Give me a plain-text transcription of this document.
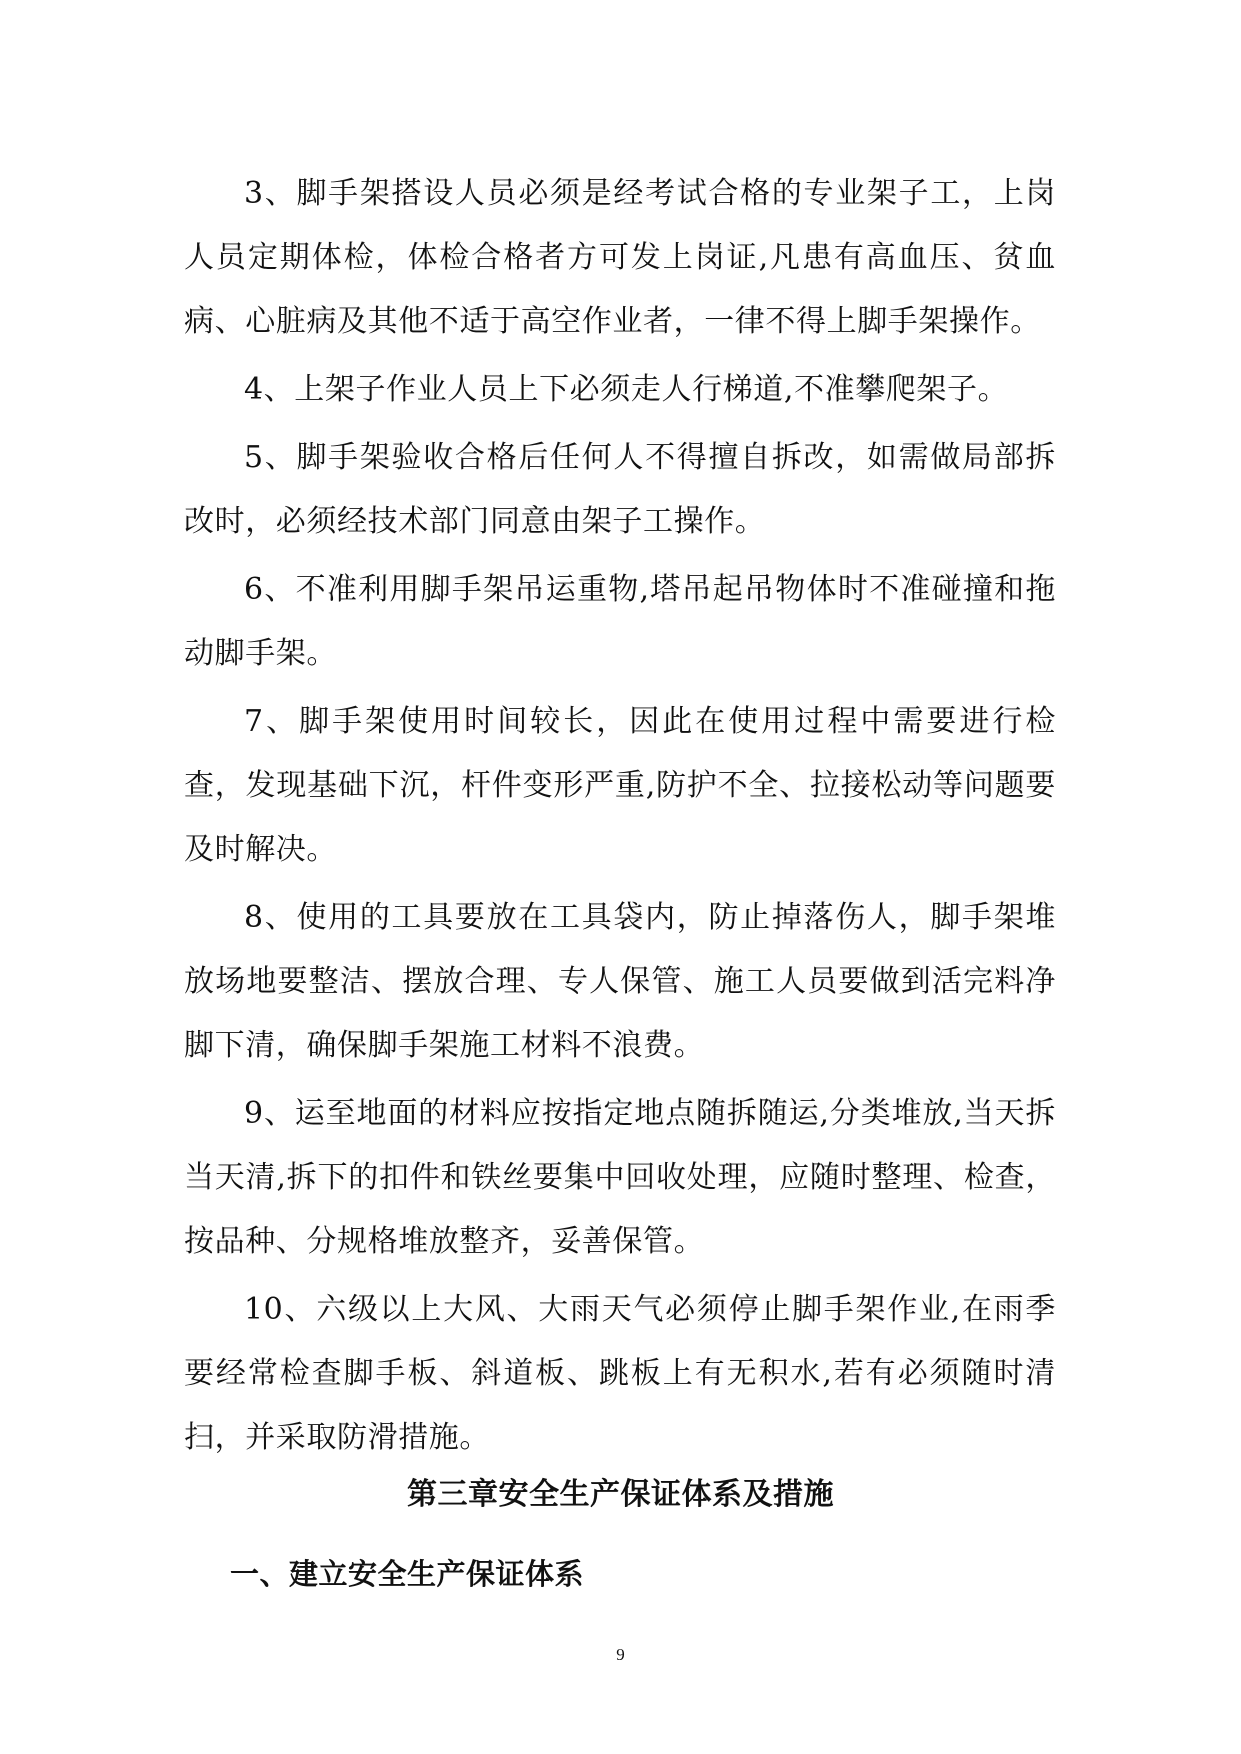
3、脚手架搭设人员必须是经考试合格的专业架子工，上岗人员定期体检，体检合格者方可发上岗证,凡患有高血压、贫血病、心脏病及其他不适于高空作业者，一律不得上脚手架操作。

4、上架子作业人员上下必须走人行梯道,不准攀爬架子。

5、脚手架验收合格后任何人不得擅自拆改，如需做局部拆改时，必须经技术部门同意由架子工操作。

6、不准利用脚手架吊运重物,塔吊起吊物体时不准碰撞和拖动脚手架。

7、脚手架使用时间较长，因此在使用过程中需要进行检查，发现基础下沉，杆件变形严重,防护不全、拉接松动等问题要及时解决。

8、使用的工具要放在工具袋内，防止掉落伤人，脚手架堆放场地要整洁、摆放合理、专人保管、施工人员要做到活完料净脚下清，确保脚手架施工材料不浪费。

9、运至地面的材料应按指定地点随拆随运,分类堆放,当天拆当天清,拆下的扣件和铁丝要集中回收处理，应随时整理、检查，按品种、分规格堆放整齐，妥善保管。

10、六级以上大风、大雨天气必须停止脚手架作业,在雨季要经常检查脚手板、斜道板、跳板上有无积水,若有必须随时清扫，并采取防滑措施。

第三章安全生产保证体系及措施
一、建立安全生产保证体系
9
